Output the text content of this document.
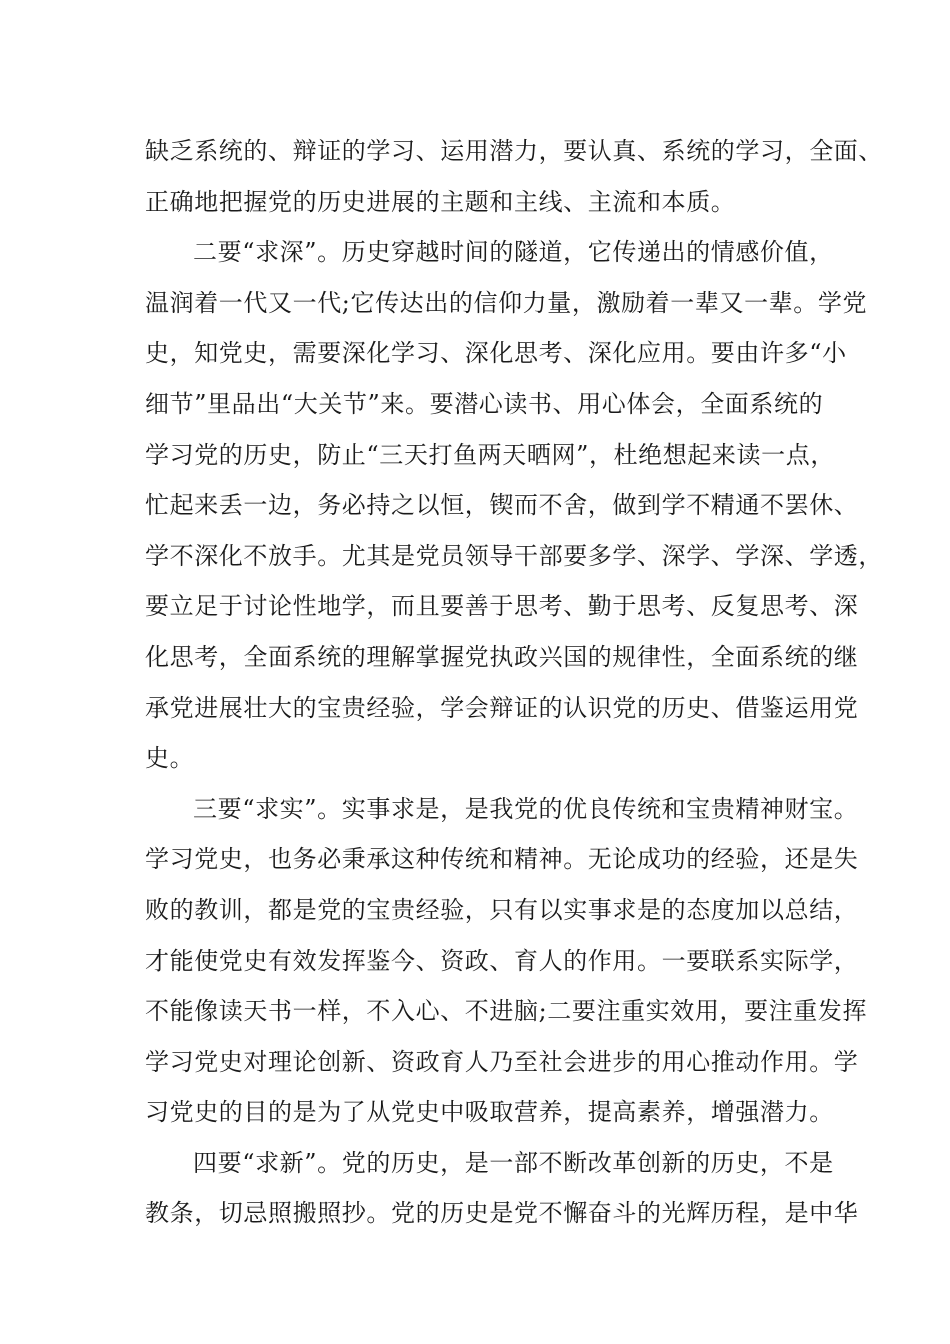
缺乏系统的、辩证的学习、运用潜力，要认真、系统的学习，全面、
正确地把握党的历史进展的主题和主线、主流和本质。
二要“求深”。历史穿越时间的隧道，它传递出的情感价值，
温润着一代又一代;它传达出的信仰力量，激励着一辈又一辈。学党
史，知党史，需要深化学习、深化思考、深化应用。要由许多“小
细节”里品出“大关节”来。要潜心读书、用心体会，全面系统的
学习党的历史，防止“三天打鱼两天晒网”，杜绝想起来读一点，
忙起来丢一边，务必持之以恒，锲而不舍，做到学不精通不罢休、
学不深化不放手。尤其是党员领导干部要多学、深学、学深、学透，
要立足于讨论性地学，而且要善于思考、勤于思考、反复思考、深
化思考，全面系统的理解掌握党执政兴国的规律性，全面系统的继
承党进展壮大的宝贵经验，学会辩证的认识党的历史、借鉴运用党
史。
三要“求实”。实事求是，是我党的优良传统和宝贵精神财宝。
学习党史，也务必秉承这种传统和精神。无论成功的经验，还是失
败的教训，都是党的宝贵经验，只有以实事求是的态度加以总结，
才能使党史有效发挥鉴今、资政、育人的作用。一要联系实际学，
不能像读天书一样，不入心、不进脑;二要注重实效用，要注重发挥
学习党史对理论创新、资政育人乃至社会进步的用心推动作用。学
习党史的目的是为了从党史中吸取营养，提高素养，增强潜力。
四要“求新”。党的历史，是一部不断改革创新的历史，不是
教条，切忌照搬照抄。党的历史是党不懈奋斗的光辉历程，是中华
